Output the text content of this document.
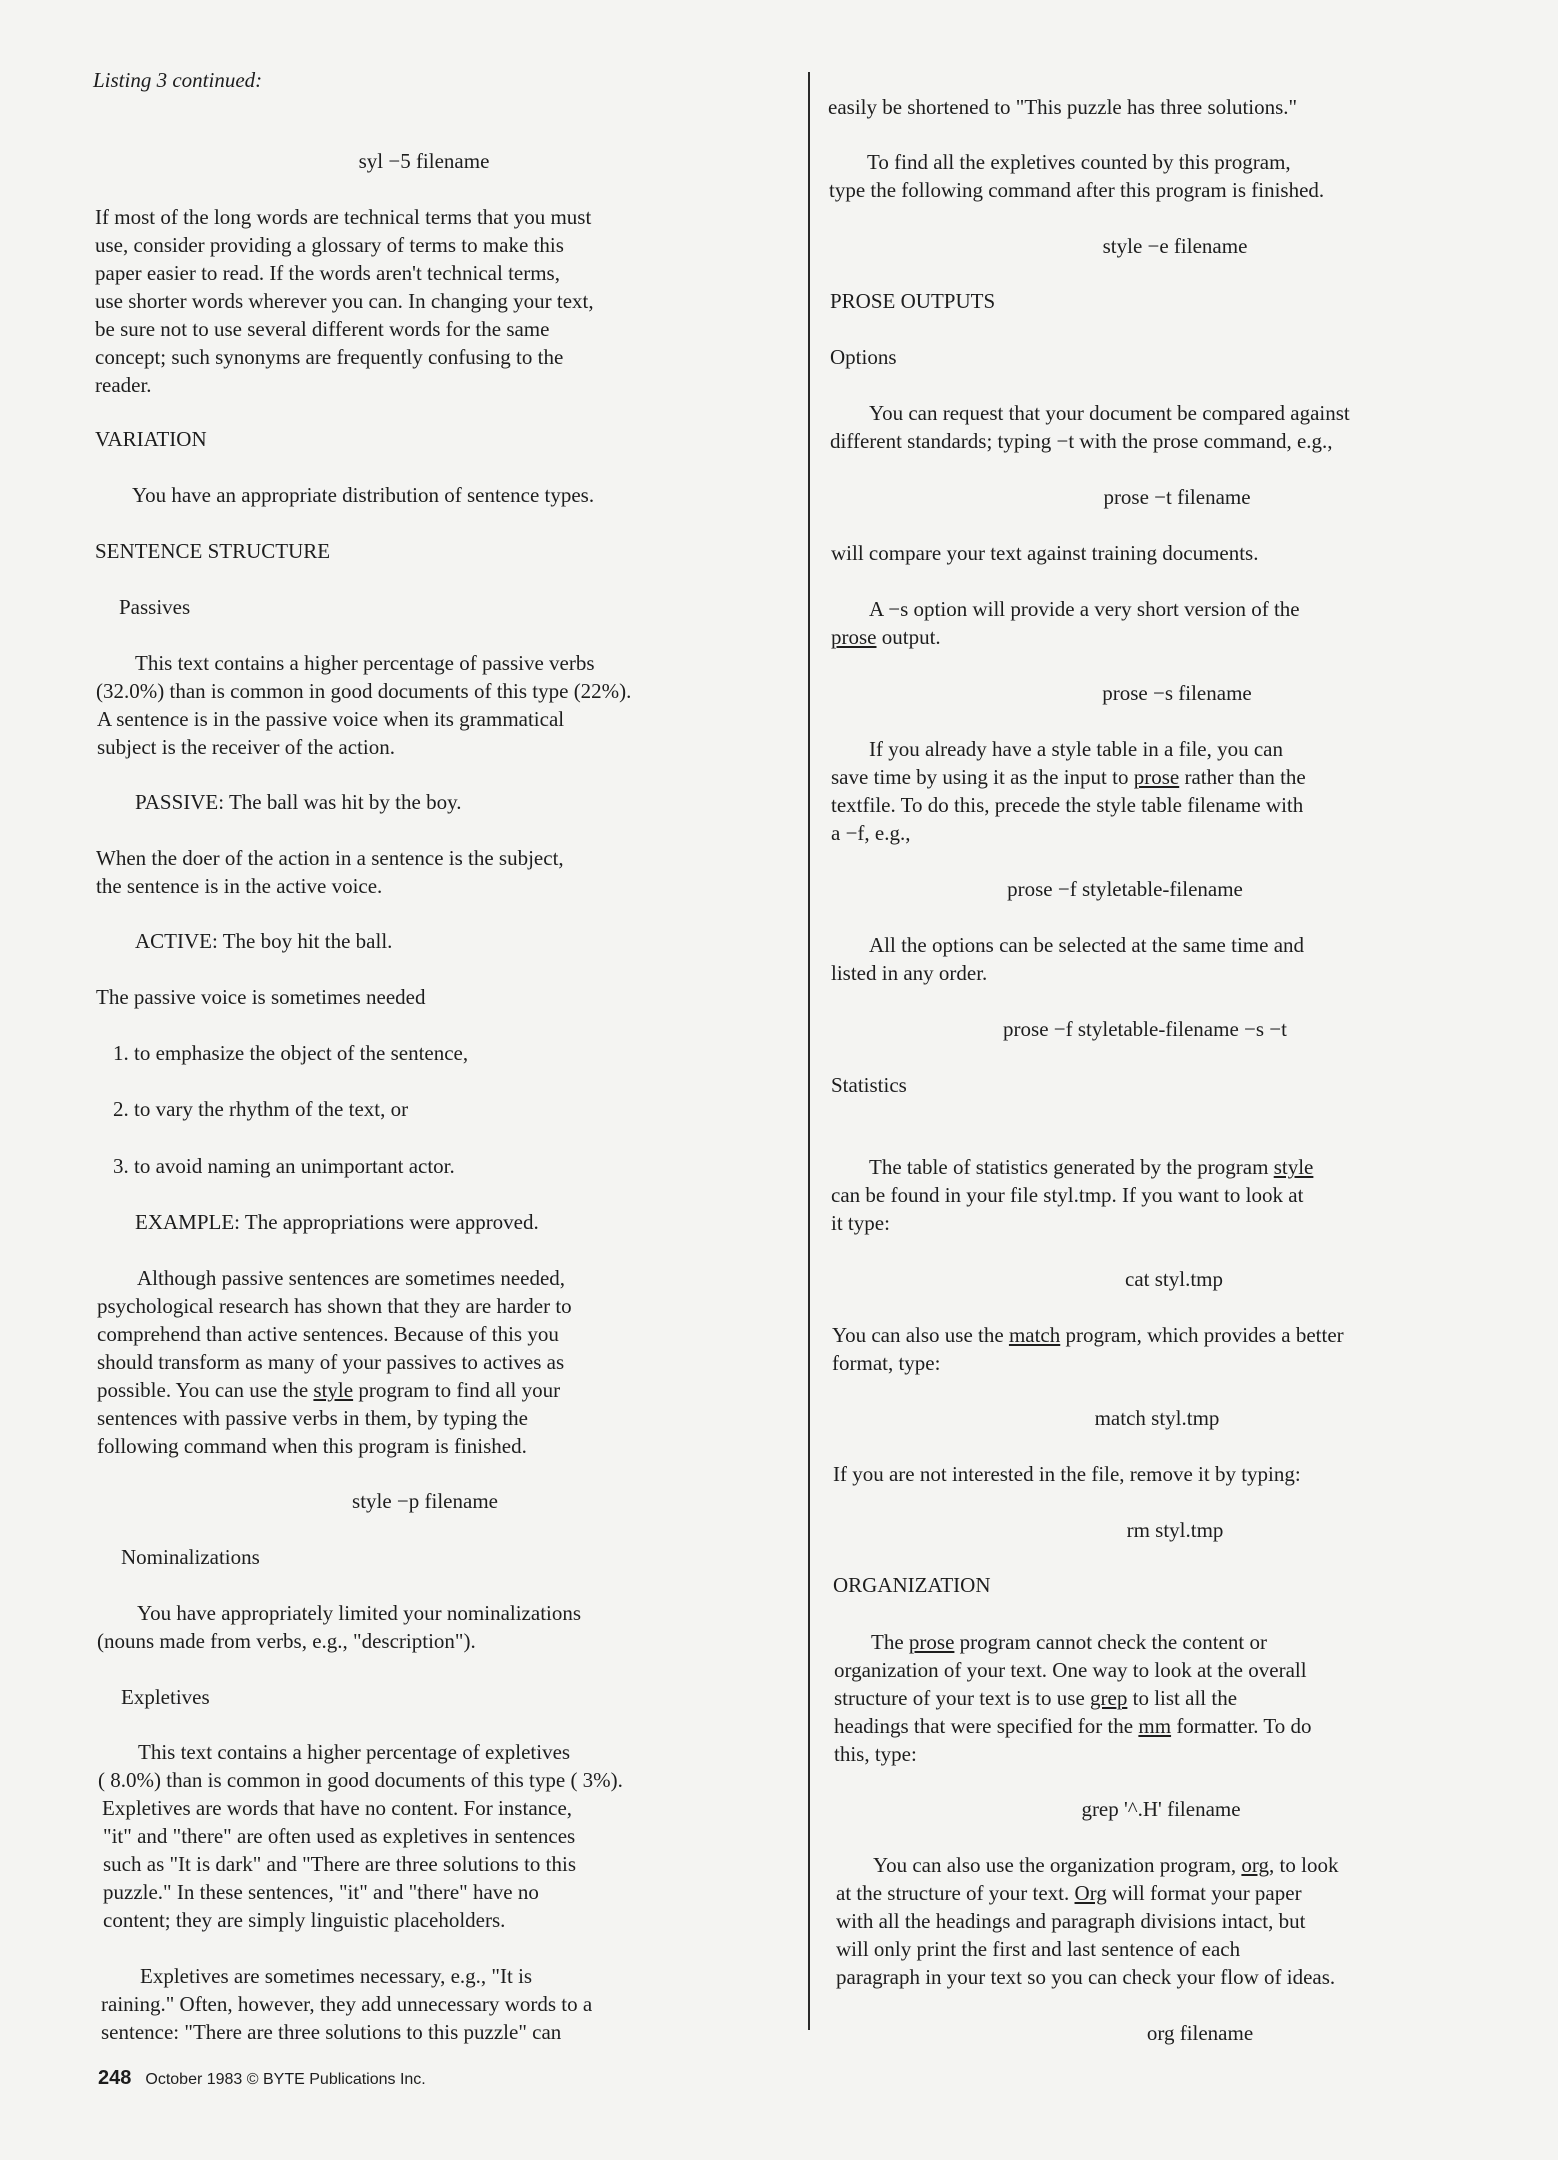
Listing 3 continued:
syl −5 filename
If most of the long words are technical terms that you must
use, consider providing a glossary of terms to make this
paper easier to read. If the words aren't technical terms,
use shorter words wherever you can. In changing your text,
be sure not to use several different words for the same
concept; such synonyms are frequently confusing to the
reader.
VARIATION
You have an appropriate distribution of sentence types.
SENTENCE STRUCTURE
Passives
This text contains a higher percentage of passive verbs
(32.0%) than is common in good documents of this type (22%).
A sentence is in the passive voice when its grammatical
subject is the receiver of the action.
PASSIVE: The ball was hit by the boy.
When the doer of the action in a sentence is the subject,
the sentence is in the active voice.
ACTIVE: The boy hit the ball.
The passive voice is sometimes needed
1. to emphasize the object of the sentence,
2. to vary the rhythm of the text, or
3. to avoid naming an unimportant actor.
EXAMPLE: The appropriations were approved.
Although passive sentences are sometimes needed,
psychological research has shown that they are harder to
comprehend than active sentences. Because of this you
should transform as many of your passives to actives as
possible. You can use the style program to find all your
sentences with passive verbs in them, by typing the
following command when this program is finished.
style −p filename
Nominalizations
You have appropriately limited your nominalizations
(nouns made from verbs, e.g., "description").
Expletives
This text contains a higher percentage of expletives
( 8.0%) than is common in good documents of this type ( 3%).
Expletives are words that have no content. For instance,
"it" and "there" are often used as expletives in sentences
such as "It is dark" and "There are three solutions to this
puzzle." In these sentences, "it" and "there" have no
content; they are simply linguistic placeholders.
Expletives are sometimes necessary, e.g., "It is
raining." Often, however, they add unnecessary words to a
sentence: "There are three solutions to this puzzle" can
easily be shortened to "This puzzle has three solutions."
To find all the expletives counted by this program,
type the following command after this program is finished.
style −e filename
PROSE OUTPUTS
Options
You can request that your document be compared against
different standards; typing −t with the prose command, e.g.,
prose −t filename
will compare your text against training documents.
A −s option will provide a very short version of the
prose output.
prose −s filename
If you already have a style table in a file, you can
save time by using it as the input to prose rather than the
textfile. To do this, precede the style table filename with
a −f, e.g.,
prose −f styletable-filename
All the options can be selected at the same time and
listed in any order.
prose −f styletable-filename −s −t
Statistics
The table of statistics generated by the program style
can be found in your file styl.tmp. If you want to look at
it type:
cat styl.tmp
You can also use the match program, which provides a better
format, type:
match styl.tmp
If you are not interested in the file, remove it by typing:
rm styl.tmp
ORGANIZATION
The prose program cannot check the content or
organization of your text. One way to look at the overall
structure of your text is to use grep to list all the
headings that were specified for the mm formatter. To do
this, type:
grep '^.H' filename
You can also use the organization program, org, to look
at the structure of your text. Org will format your paper
with all the headings and paragraph divisions intact, but
will only print the first and last sentence of each
paragraph in your text so you can check your flow of ideas.
org filename
248 October 1983 © BYTE Publications Inc.
